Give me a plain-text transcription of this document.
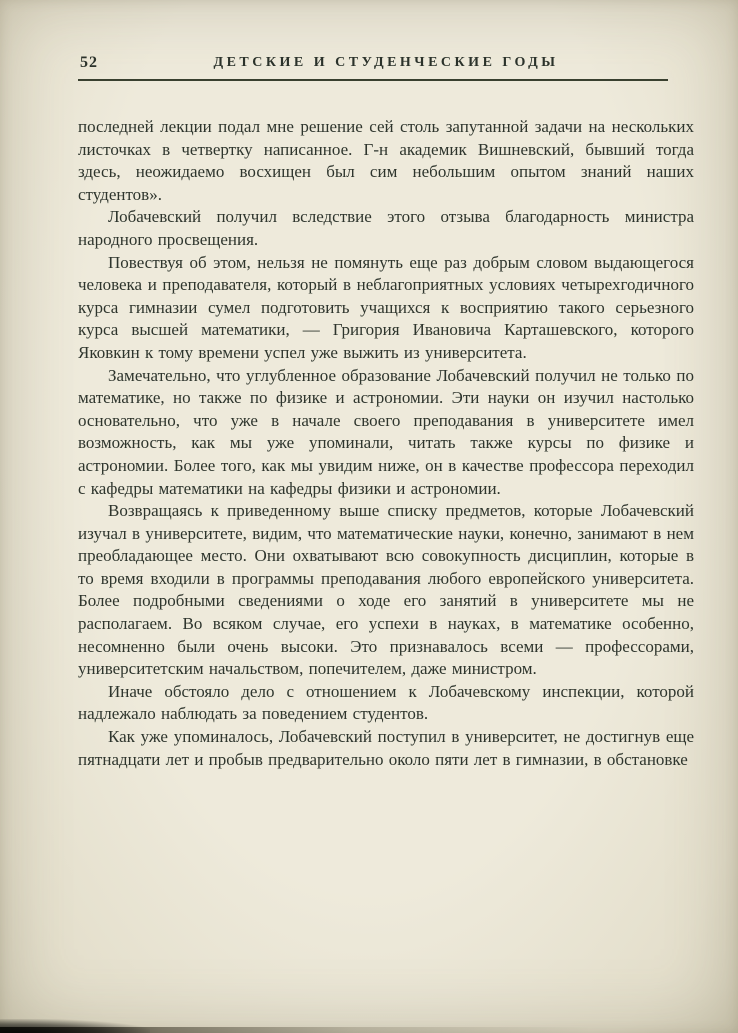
52	ДЕТСКИЕ И СТУДЕНЧЕСКИЕ ГОДЫ

последней лекции подал мне решение сей столь запутанной задачи на нескольких листочках в четвертку написанное. Г-н академик Вишневский, бывший тогда здесь, неожидаемо восхищен был сим небольшим опытом знаний наших студентов».

Лобачевский получил вследствие этого отзыва благодарность министра народного просвещения.

Повествуя об этом, нельзя не помянуть еще раз добрым словом выдающегося человека и преподавателя, который в неблагоприятных условиях четырехгодичного курса гимназии сумел подготовить учащихся к восприятию такого серьезного курса высшей математики, — Григория Ивановича Карташевского, которого Яковкин к тому времени успел уже выжить из университета.

Замечательно, что углубленное образование Лобачевский получил не только по математике, но также по физике и астрономии. Эти науки он изучил настолько основательно, что уже в начале своего преподавания в университете имел возможность, как мы уже упоминали, читать также курсы по физике и астрономии. Более того, как мы увидим ниже, он в качестве профессора переходил с кафедры математики на кафедры физики и астрономии.

Возвращаясь к приведенному выше списку предметов, которые Лобачевский изучал в университете, видим, что математические науки, конечно, занимают в нем преобладающее место. Они охватывают всю совокупность дисциплин, которые в то время входили в программы преподавания любого европейского университета. Более подробными сведениями о ходе его занятий в университете мы не располагаем. Во всяком случае, его успехи в науках, в математике особенно, несомненно были очень высоки. Это признавалось всеми — профессорами, университетским начальством, попечителем, даже министром.

Иначе обстояло дело с отношением к Лобачевскому инспекции, которой надлежало наблюдать за поведением студентов.

Как уже упоминалось, Лобачевский поступил в университет, не достигнув еще пятнадцати лет и пробыв предварительно около пяти лет в гимназии, в обстановке
